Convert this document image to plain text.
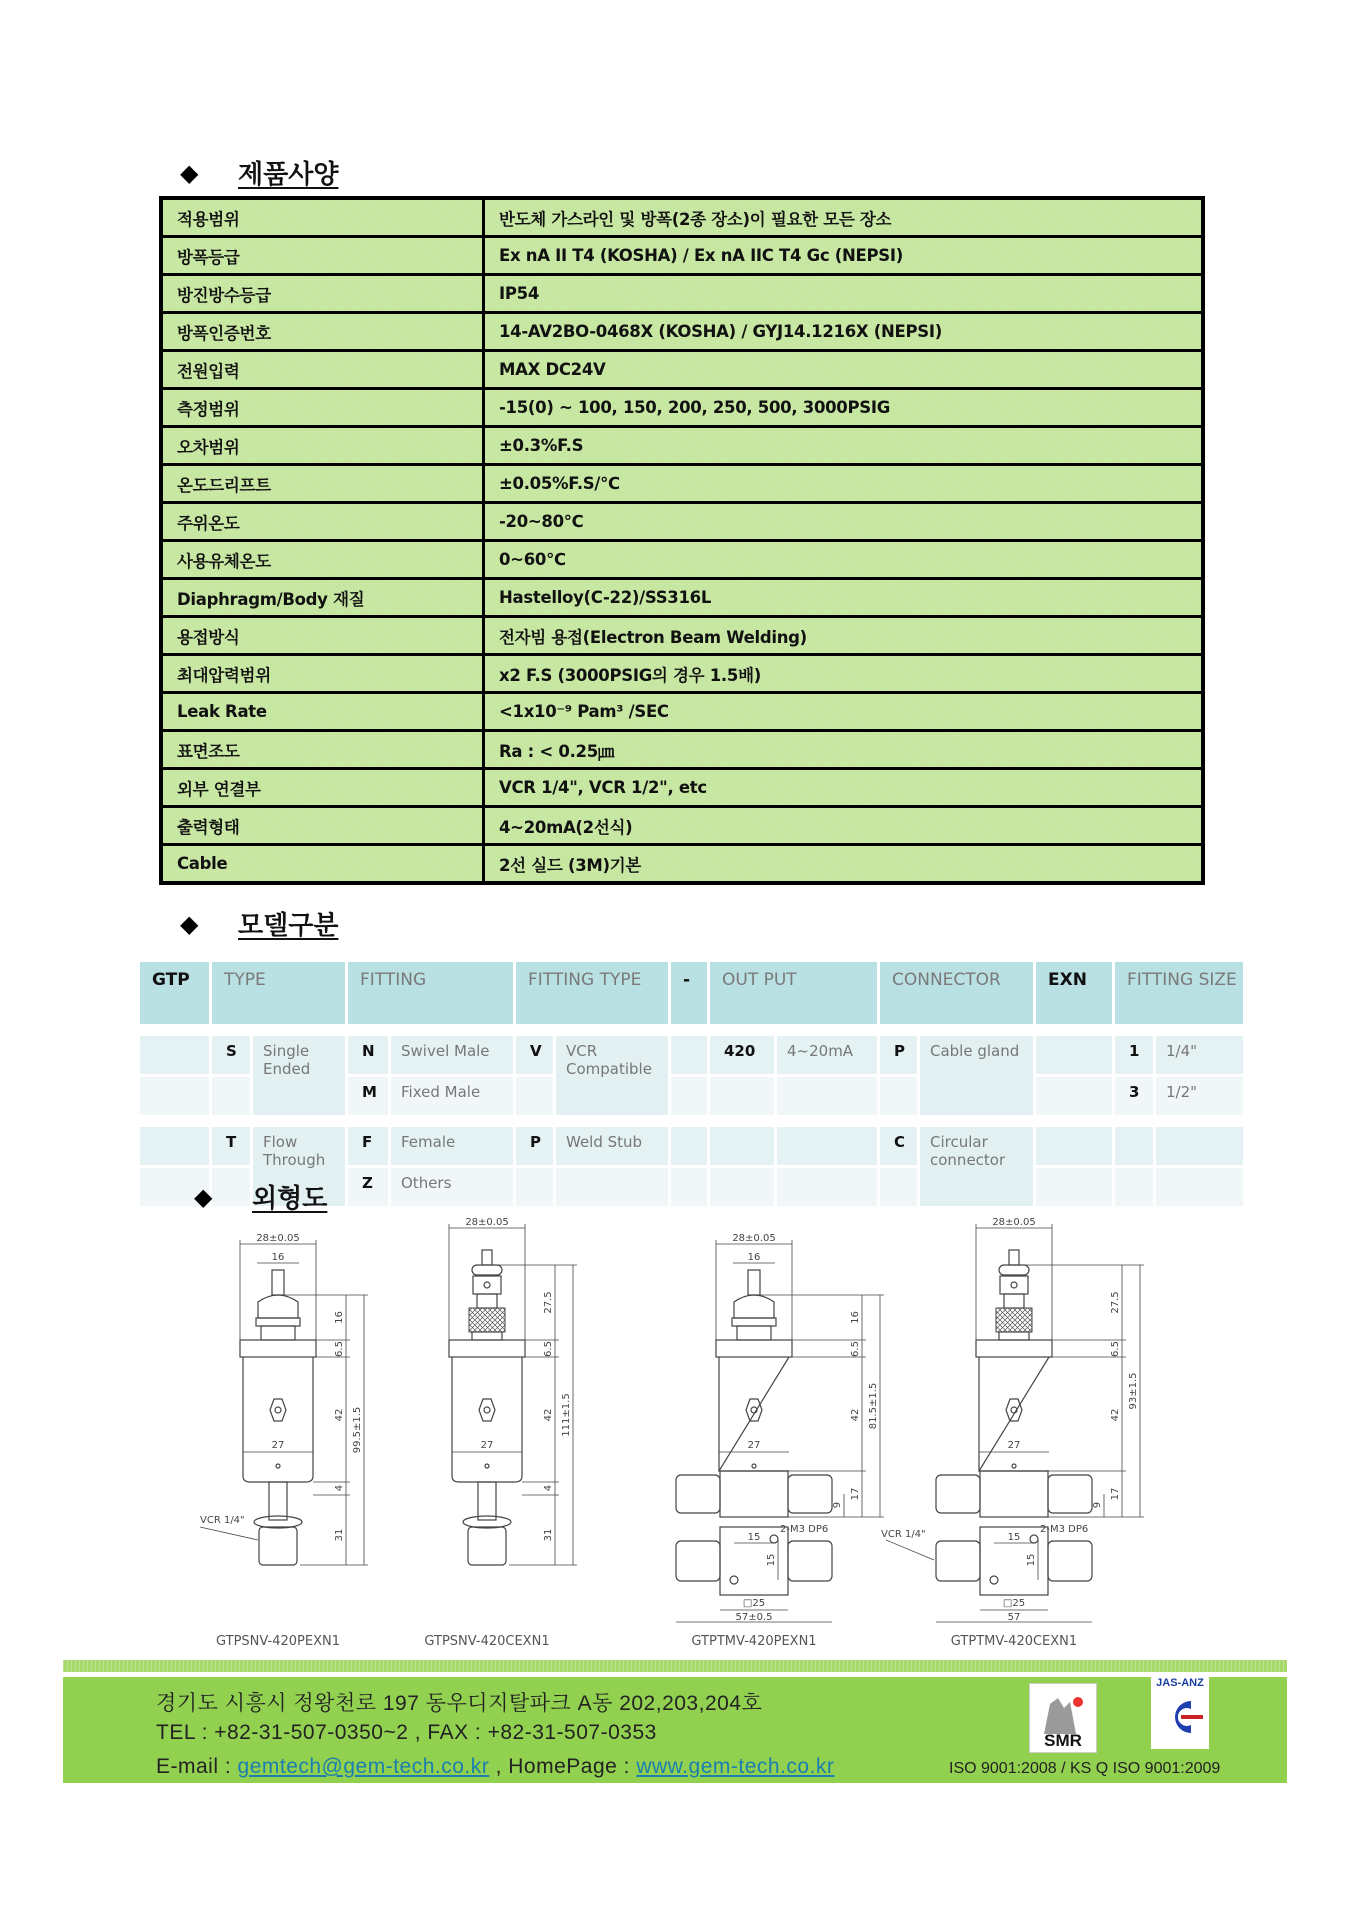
◆	제품사양
적용범위	반도체 가스라인 및 방폭(2종 장소)이 필요한 모든 장소
방폭등급	Ex nA II T4 (KOSHA) / Ex nA IIC T4 Gc (NEPSI)
방진방수등급	IP54
방폭인증번호	14-AV2BO-0468X (KOSHA) / GYJ14.1216X (NEPSI)
전원입력	MAX DC24V
측정범위	-15(0) ~ 100, 150, 200, 250, 500, 3000PSIG
오차범위	±0.3%F.S
온도드리프트	±0.05%F.S/℃
주위온도	-20~80℃
사용유체온도	0~60℃
Diaphragm/Body 재질	Hastelloy(C-22)/SS316L
용접방식	전자빔 용접(Electron Beam Welding)
최대압력범위	x2 F.S (3000PSIG의 경우 1.5배)
Leak Rate	<1x10⁻⁹ Pam³ /SEC
표면조도	Ra : < 0.25㎛
외부 연결부	VCR 1/4", VCR 1/2", etc
출력형태	4~20mA(2선식)
Cable	2선 실드 (3M)기본
◆	모델구분
GTP	TYPE		FITTING		FITTING TYPE		-	OUT PUT		CONNECTOR		EXN	FITTING SIZE	

	S	Single Ended	N	Swivel Male	V	VCR Compatible		420	4~20mA	P	Cable gland		1	1/4"
			M	Fixed Male									3	1/2"

	T	Flow Through	F	Female	P	Weld Stub				C	Circular connector			
			Z	Others										
◆	외형도
27
16
28±0.05
16
6.5
42 99.5±1.5
4
31
VCR 1/4"
GTPSNV-420PEXN1
27
28±0.05
27.5
6.5
42 111±1.5
4
31
GTPSNV-420CEXN1
27
16
28±0.05
16
6.5
42 81.5±1.5
17
9
15
15
2-M3 DP6
□25
57±0.5
GTPTMV-420PEXN1
27
28±0.05
27.5
6.5
42
93±1.5
17
9
15
15
2-M3 DP6
□25
57
VCR 1/4"
GTPTMV-420CEXN1
경기도 시흥시 정왕천로 197 동우디지탈파크 A동 202,203,204호
TEL : +82-31-507-0350~2 , FAX : +82-31-507-0353
E-mail : gemtech@gem-tech.co.kr , HomePage : www.gem-tech.co.kr
SMR
JAS-ANZ
ISO 9001:2008 / KS Q ISO 9001:2009
